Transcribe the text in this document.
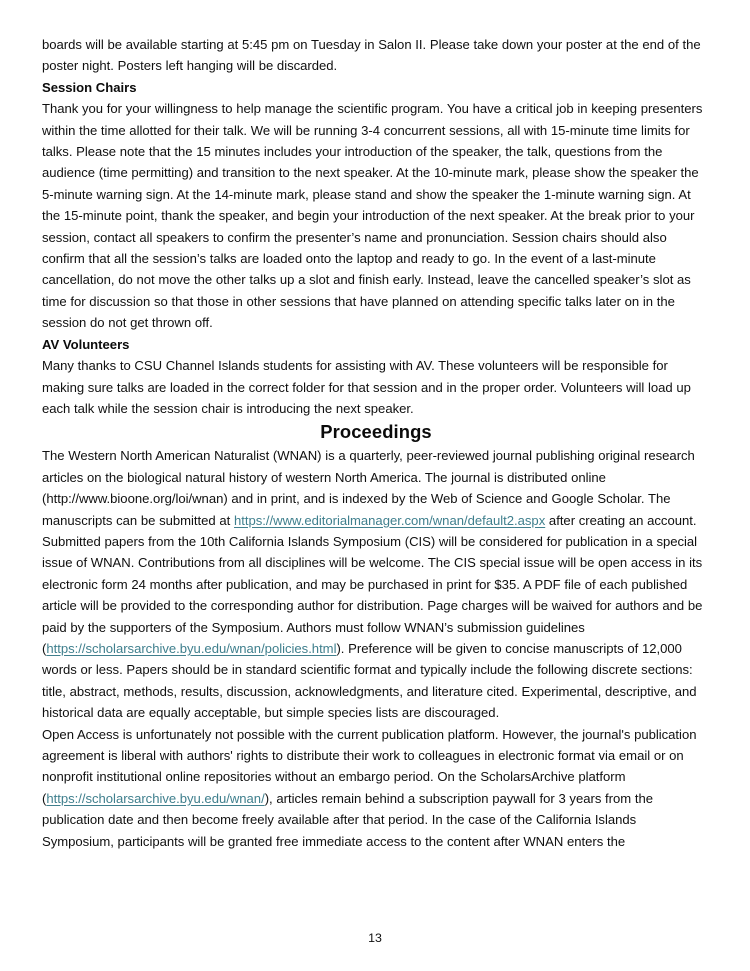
boards will be available starting at 5:45 pm on Tuesday in Salon II. Please take down your poster at the end of the poster night. Posters left hanging will be discarded.

Session Chairs

Thank you for your willingness to help manage the scientific program. You have a critical job in keeping presenters within the time allotted for their talk. We will be running 3-4 concurrent sessions, all with 15-minute time limits for talks. Please note that the 15 minutes includes your introduction of the speaker, the talk, questions from the audience (time permitting) and transition to the next speaker. At the 10-minute mark, please show the speaker the 5-minute warning sign. At the 14-minute mark, please stand and show the speaker the 1-minute warning sign. At the 15-minute point, thank the speaker, and begin your introduction of the next speaker. At the break prior to your session, contact all speakers to confirm the presenter’s name and pronunciation. Session chairs should also confirm that all the session’s talks are loaded onto the laptop and ready to go. In the event of a last-minute cancellation, do not move the other talks up a slot and finish early. Instead, leave the cancelled speaker’s slot as time for discussion so that those in other sessions that have planned on attending specific talks later on in the session do not get thrown off.

AV Volunteers

Many thanks to CSU Channel Islands students for assisting with AV. These volunteers will be responsible for making sure talks are loaded in the correct folder for that session and in the proper order. Volunteers will load up each talk while the session chair is introducing the next speaker.

Proceedings

The Western North American Naturalist (WNAN) is a quarterly, peer-reviewed journal publishing original research articles on the biological natural history of western North America. The journal is distributed online (http://www.bioone.org/loi/wnan) and in print, and is indexed by the Web of Science and Google Scholar. The manuscripts can be submitted at https://www.editorialmanager.com/wnan/default2.aspx after creating an account.

Submitted papers from the 10th California Islands Symposium (CIS) will be considered for publication in a special issue of WNAN. Contributions from all disciplines will be welcome. The CIS special issue will be open access in its electronic form 24 months after publication, and may be purchased in print for $35. A PDF file of each published article will be provided to the corresponding author for distribution. Page charges will be waived for authors and be paid by the supporters of the Symposium. Authors must follow WNAN’s submission guidelines (https://scholarsarchive.byu.edu/wnan/policies.html). Preference will be given to concise manuscripts of 12,000 words or less. Papers should be in standard scientific format and typically include the following discrete sections: title, abstract, methods, results, discussion, acknowledgments, and literature cited. Experimental, descriptive, and historical data are equally acceptable, but simple species lists are discouraged.

Open Access is unfortunately not possible with the current publication platform. However, the journal's publication agreement is liberal with authors' rights to distribute their work to colleagues in electronic format via email or on nonprofit institutional online repositories without an embargo period. On the ScholarsArchive platform (https://scholarsarchive.byu.edu/wnan/), articles remain behind a subscription paywall for 3 years from the publication date and then become freely available after that period. In the case of the California Islands Symposium, participants will be granted free immediate access to the content after WNAN enters the

13
